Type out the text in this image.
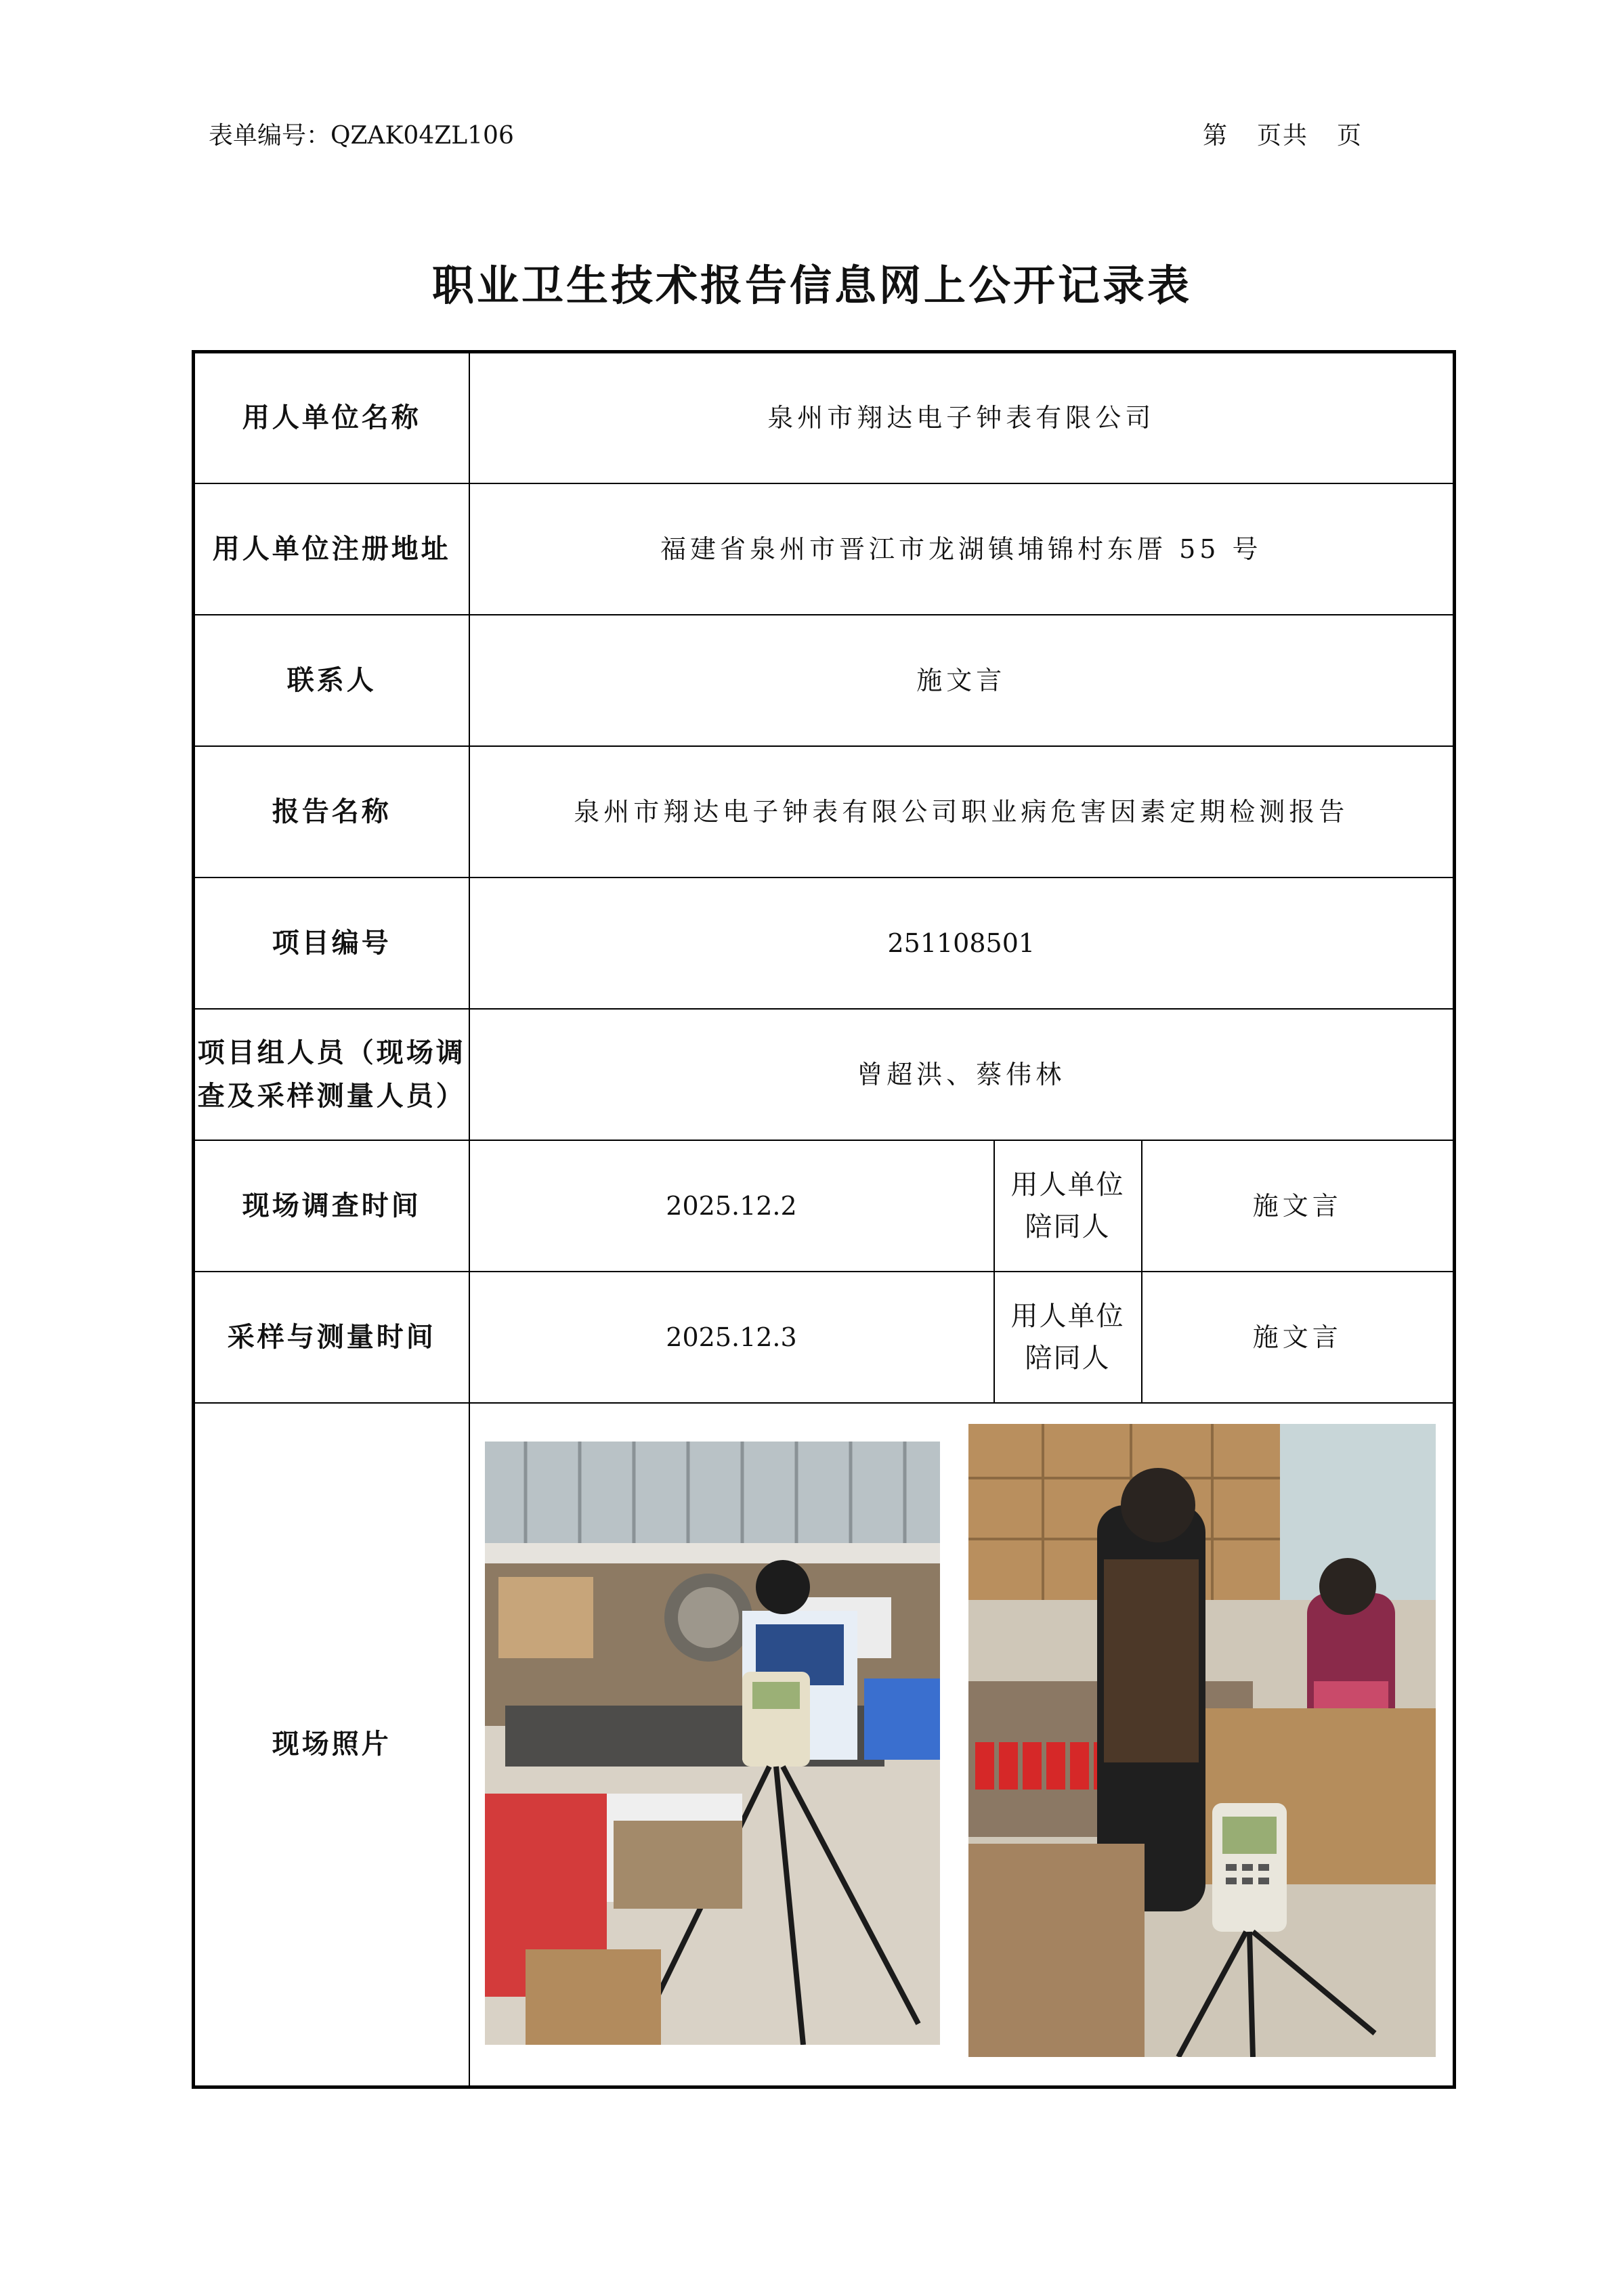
表单编号：QZAK04ZL106	第 页共 页
职业卫生技术报告信息网上公开记录表
用人单位名称	泉州市翔达电子钟表有限公司		
用人单位注册地址	福建省泉州市晋江市龙湖镇埔锦村东厝 55 号		
联系人	施文言		
报告名称	泉州市翔达电子钟表有限公司职业病危害因素定期检测报告		
项目编号	251108501		

项目组人员（现场调
查及采样测量人员）	曾超洪、蔡伟林		
现场调查时间	2025.12.2	用人单位
陪同人	施文言
采样与测量时间	2025.12.3	用人单位
陪同人	施文言
现场照片	
